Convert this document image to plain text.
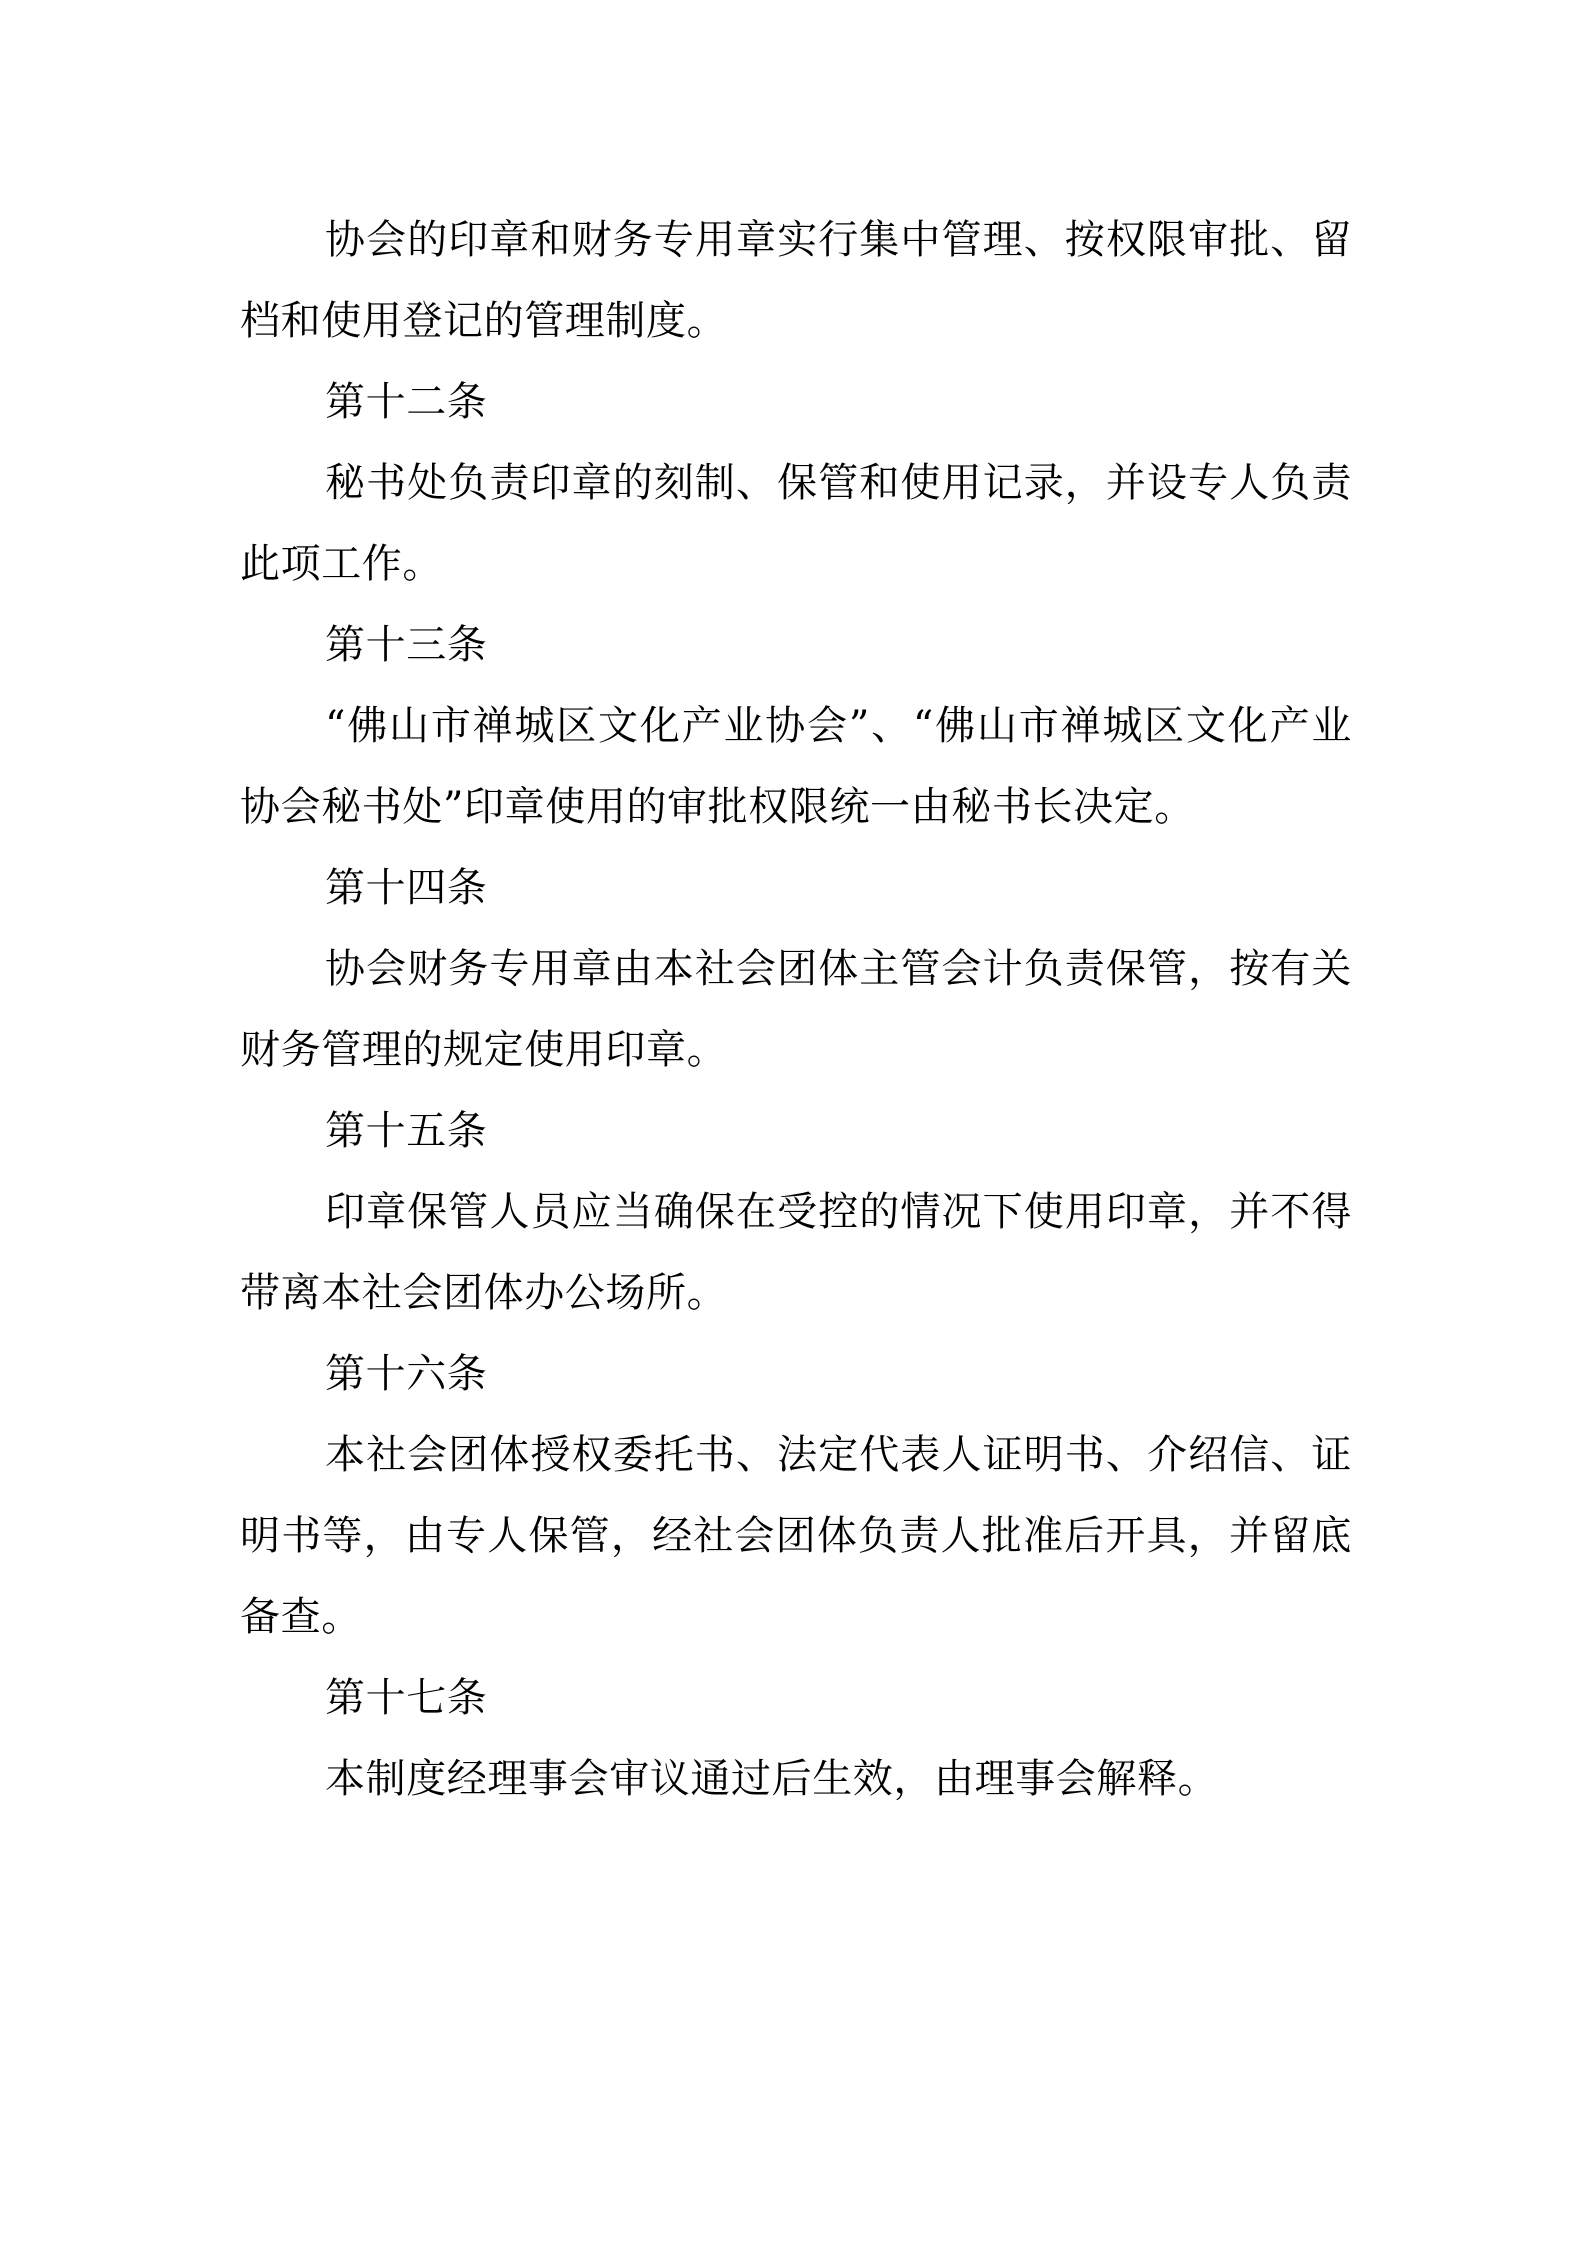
协会的印章和财务专用章实行集中管理、按权限审批、留档和使用登记的管理制度。

第十二条

秘书处负责印章的刻制、保管和使用记录，并设专人负责此项工作。

第十三条

“佛山市禅城区文化产业协会”、“佛山市禅城区文化产业协会秘书处”印章使用的审批权限统一由秘书长决定。

第十四条

协会财务专用章由本社会团体主管会计负责保管，按有关财务管理的规定使用印章。

第十五条

印章保管人员应当确保在受控的情况下使用印章，并不得带离本社会团体办公场所。

第十六条

本社会团体授权委托书、法定代表人证明书、介绍信、证明书等，由专人保管，经社会团体负责人批准后开具，并留底备查。

第十七条

本制度经理事会审议通过后生效，由理事会解释。
